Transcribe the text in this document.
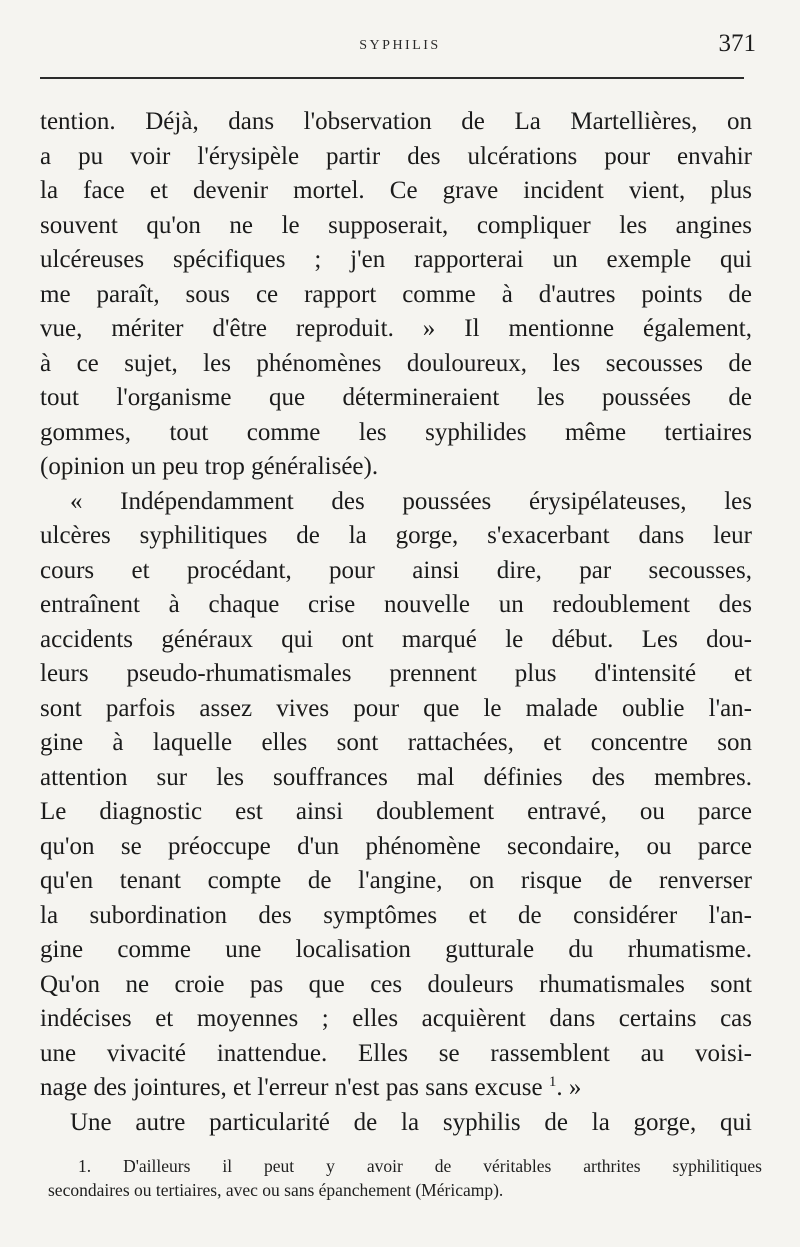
SYPHILIS	371
tention. Déjà, dans l'observation de La Martellières, on
a pu voir l'érysipèle partir des ulcérations pour envahir
la face et devenir mortel. Ce grave incident vient, plus
souvent qu'on ne le supposerait, compliquer les angines
ulcéreuses spécifiques ; j'en rapporterai un exemple qui
me paraît, sous ce rapport comme à d'autres points de
vue, mériter d'être reproduit. » Il mentionne également,
à ce sujet, les phénomènes douloureux, les secousses de
tout l'organisme que détermineraient les poussées de
gommes, tout comme les syphilides même tertiaires
(opinion un peu trop généralisée).
« Indépendamment des poussées érysipélateuses, les
ulcères syphilitiques de la gorge, s'exacerbant dans leur
cours et procédant, pour ainsi dire, par secousses,
entraînent à chaque crise nouvelle un redoublement des
accidents généraux qui ont marqué le début. Les dou-
leurs pseudo-rhumatismales prennent plus d'intensité et
sont parfois assez vives pour que le malade oublie l'an-
gine à laquelle elles sont rattachées, et concentre son
attention sur les souffrances mal définies des membres.
Le diagnostic est ainsi doublement entravé, ou parce
qu'on se préoccupe d'un phénomène secondaire, ou parce
qu'en tenant compte de l'angine, on risque de renverser
la subordination des symptômes et de considérer l'an-
gine comme une localisation gutturale du rhumatisme.
Qu'on ne croie pas que ces douleurs rhumatismales sont
indécises et moyennes ; elles acquièrent dans certains cas
une vivacité inattendue. Elles se rassemblent au voisi-
nage des jointures, et l'erreur n'est pas sans excuse $^1$. »
Une autre particularité de la syphilis de la gorge, qui
1. D'ailleurs il peut y avoir de véritables arthrites syphilitiques
secondaires ou tertiaires, avec ou sans épanchement (Méricamp).
